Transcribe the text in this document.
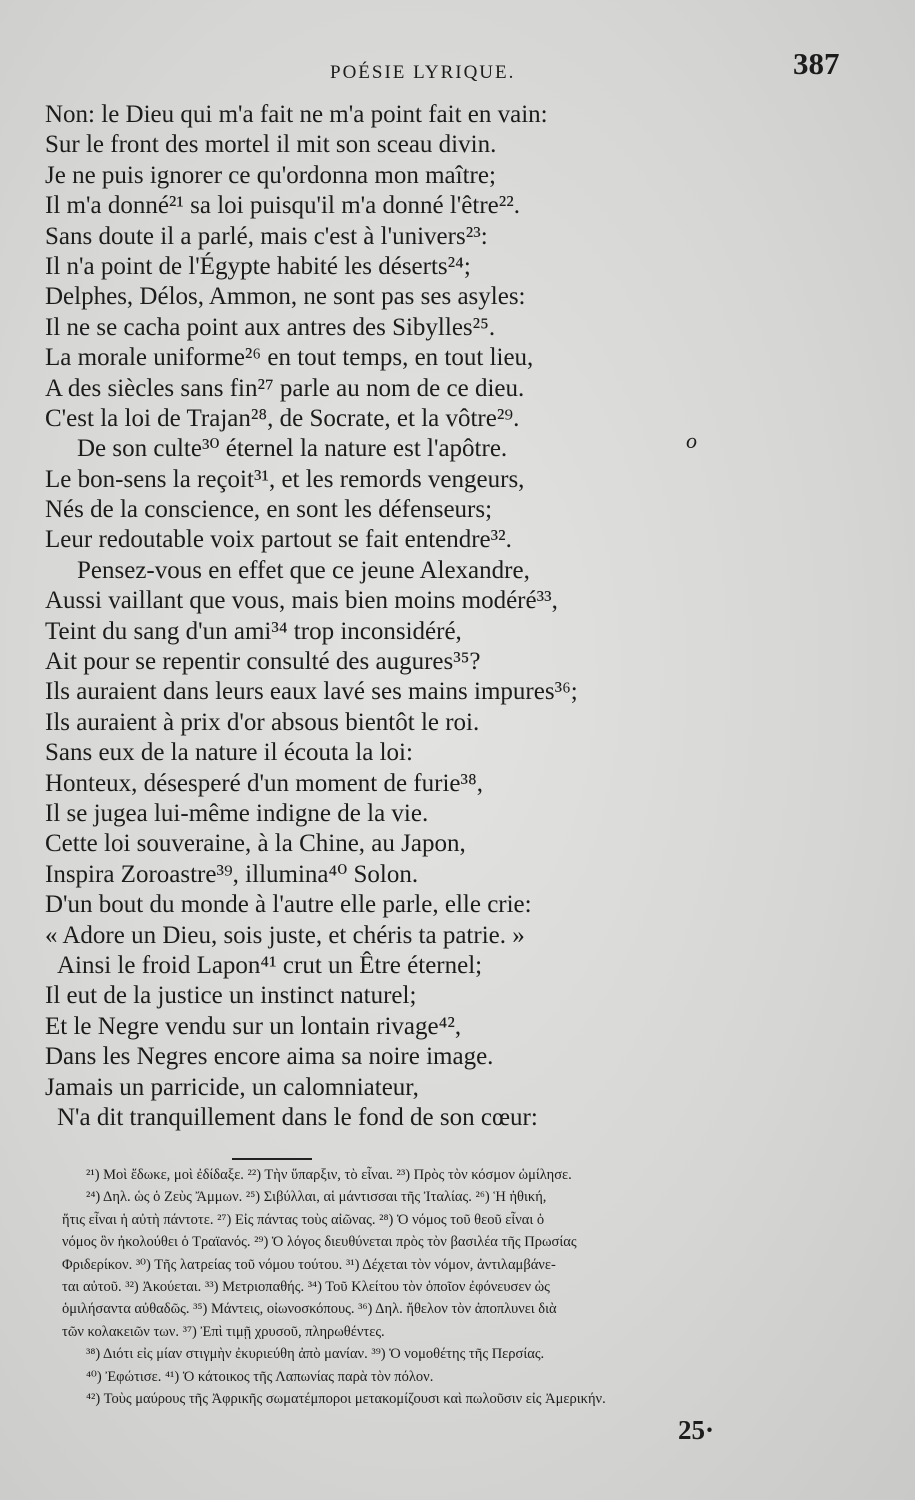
POÉSIE LYRIQUE.	387
Non: le Dieu qui m'a fait ne m'a point fait en vain:
Sur le front des mortel il mit son sceau divin.
Je ne puis ignorer ce qu'ordonna mon maître;
Il m'a donné²¹ sa loi puisqu'il m'a donné l'être²².
Sans doute il a parlé, mais c'est à l'univers²³:
Il n'a point de l'Égypte habité les déserts²⁴;
Delphes, Délos, Ammon, ne sont pas ses asyles:
Il ne se cacha point aux antres des Sibylles²⁵.
La morale uniforme²⁶ en tout temps, en tout lieu,
A des siècles sans fin²⁷ parle au nom de ce dieu.
C'est la loi de Trajan²⁸, de Socrate, et la vôtre²⁹.
De son culte³⁰ éternel la nature est l'apôtre.
Le bon-sens la reçoit³¹, et les remords vengeurs,
Nés de la conscience, en sont les défenseurs;
Leur redoutable voix partout se fait entendre³².
Pensez-vous en effet que ce jeune Alexandre,
Aussi vaillant que vous, mais bien moins modéré³³,
Teint du sang d'un ami³⁴ trop inconsidéré,
Ait pour se repentir consulté des augures³⁵?
Ils auraient dans leurs eaux lavé ses mains impures³⁶;
Ils auraient à prix d'or absous bientôt le roi.
Sans eux de la nature il écouta la loi:
Honteux, désesperé d'un moment de furie³⁸,
Il se jugea lui-même indigne de la vie.
Cette loi souveraine, à la Chine, au Japon,
Inspira Zoroastre³⁹, illumina⁴⁰ Solon.
D'un bout du monde à l'autre elle parle, elle crie:
« Adore un Dieu, sois juste, et chéris ta patrie. »
Ainsi le froid Lapon⁴¹ crut un Être éternel;
Il eut de la justice un instinct naturel;
Et le Negre vendu sur un lontain rivage⁴²,
Dans les Negres encore aima sa noire image.
Jamais un parricide, un calomniateur,
N'a dit tranquillement dans le fond de son cœur:
o
²¹) Μοὶ ἔδωκε, μοὶ ἐδίδαξε. ²²) Τὴν ὕπαρξιν, τὸ εἶναι. ²³) Πρὸς τὸν κόσμον ὡμίλησε.
²⁴) Δηλ. ὡς ὁ Ζεὺς Ἄμμων. ²⁵) Σιβύλλαι, αἱ μάντισσαι τῆς Ἰταλίας. ²⁶) Ἡ ἠθική,
ἥτις εἶναι ἡ αὐτὴ πάντοτε. ²⁷) Εἰς πάντας τοὺς αἰῶνας. ²⁸) Ὁ νόμος τοῦ θεοῦ εἶναι ὁ
νόμος ὃν ἠκολούθει ὁ Τραϊανός. ²⁹) Ὁ λόγος διευθύνεται πρὸς τὸν βασιλέα τῆς Πρωσίας
Φριδερίκον. ³⁰) Τῆς λατρείας τοῦ νόμου τούτου. ³¹) Δέχεται τὸν νόμον, ἀντιλαμβάνε-
ται αὐτοῦ. ³²) Ἀκούεται. ³³) Μετριοπαθής. ³⁴) Τοῦ Κλείτου τὸν ὁποῖον ἐφόνευσεν ὡς
ὁμιλήσαντα αὐθαδῶς. ³⁵) Μάντεις, οἰωνοσκόπους. ³⁶) Δηλ. ἤθελον τὸν ἀποπλυνει διὰ
τῶν κολακειῶν των. ³⁷) Ἐπὶ τιμῇ χρυσοῦ, πληρωθέντες.
³⁸) Διότι εἰς μίαν στιγμὴν ἐκυριεύθη ἀπὸ μανίαν. ³⁹) Ὁ νομοθέτης τῆς Περσίας.
⁴⁰) Ἐφώτισε. ⁴¹) Ὁ κάτοικος τῆς Λαπωνίας παρὰ τὸν πόλον.
⁴²) Τοὺς μαύρους τῆς Ἀφρικῆς σωματέμποροι μετακομίζουσι καὶ πωλοῦσιν εἰς Ἀμερικήν.
25·
